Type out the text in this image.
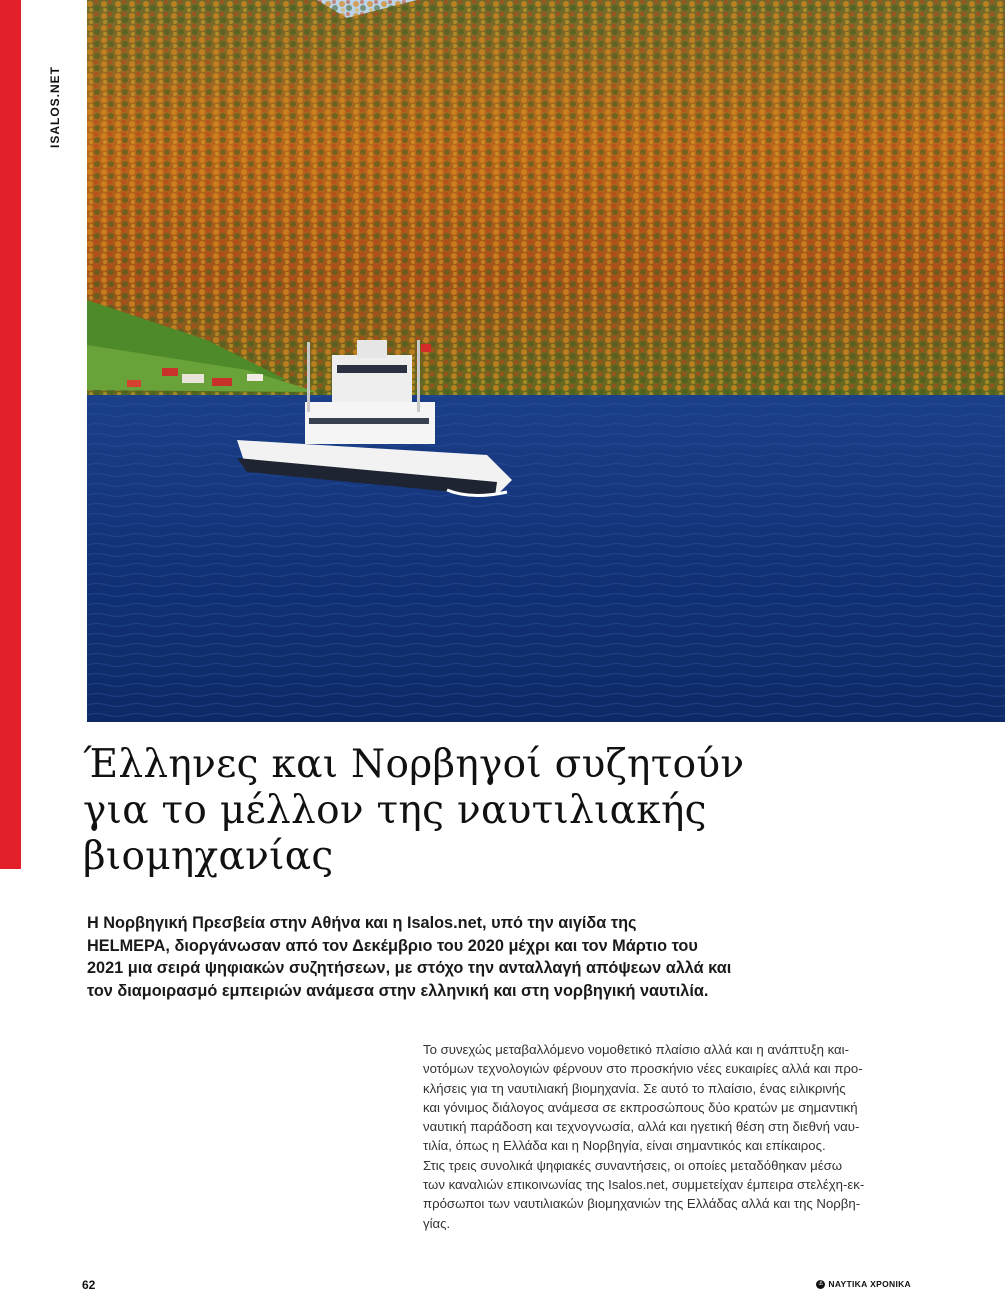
ISALOS.NET
Έλληνες και Νορβηγοί συζητούν
για το μέλλον της ναυτιλιακής
βιομηχανίας
Η Νορβηγική Πρεσβεία στην Αθήνα και η Isalos.net, υπό την αιγίδα της
HELMEPA, διοργάνωσαν από τον Δεκέμβριο του 2020 μέχρι και τον Μάρτιο του
2021 μια σειρά ψηφιακών συζητήσεων, με στόχο την ανταλλαγή απόψεων αλλά και
τον διαμοιρασμό εμπειριών ανάμεσα στην ελληνική και στη νορβηγική ναυτιλία.
Το συνεχώς μεταβαλλόμενο νομοθετικό πλαίσιο αλλά και η ανάπτυξη και-
νοτόμων τεχνολογιών φέρνουν στο προσκήνιο νέες ευκαιρίες αλλά και προ-
κλήσεις για τη ναυτιλιακή βιομηχανία. Σε αυτό το πλαίσιο, ένας ειλικρινής
και γόνιμος διάλογος ανάμεσα σε εκπροσώπους δύο κρατών με σημαντική
ναυτική παράδοση και τεχνογνωσία, αλλά και ηγετική θέση στη διεθνή ναυ-
τιλία, όπως η Ελλάδα και η Νορβηγία, είναι σημαντικός και επίκαιρος.
Στις τρεις συνολικά ψηφιακές συναντήσεις, οι οποίες μεταδόθηκαν μέσω
των καναλιών επικοινωνίας της Isalos.net, συμμετείχαν έμπειρα στελέχη-εκ-
πρόσωποι των ναυτιλιακών βιομηχανιών της Ελλάδας αλλά και της Νορβη-
γίας.
62	⚓ ΝΑΥΤΙΚΑ ΧΡΟΝΙΚΑ
